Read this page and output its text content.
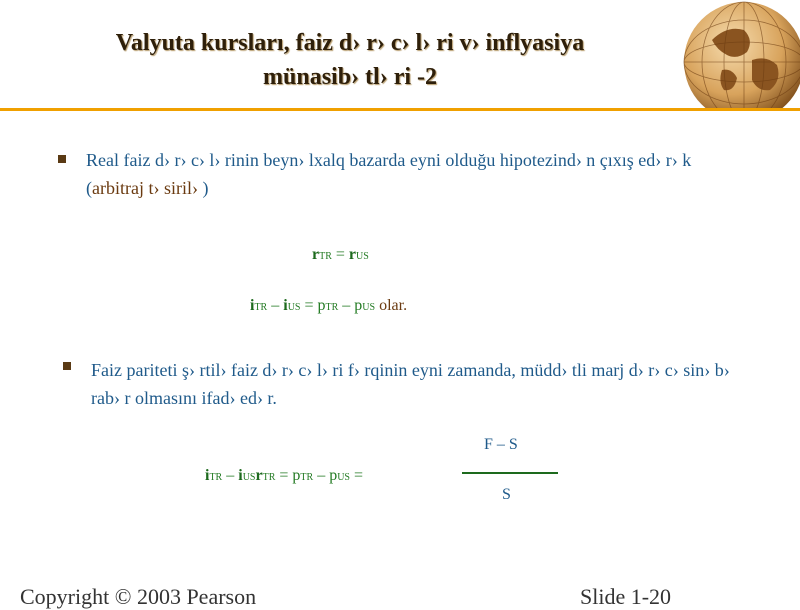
Valyuta kursları, faiz d› r› c› l› ri v› inflyasiya
münasib› tl› ri -2
Real faiz d› r› c› l› rinin beyn› lxalq bazarda eyni olduğu hipotezind› n çıxış ed› r› k (arbitraj t› siril› )
rTR = rUS
iTR – iUS = pTR – pUS olar.
Faiz pariteti ş› rtil› faiz d› r› c› l› ri f› rqinin eyni zamanda, müdd› tli marj d› r› c› sin› b› rab› r olmasını ifad› ed› r.
iTR – iUSrTR = pTR – pUS =
F – S
S
Copyright © 2003 Pearson	Slide 1-20
